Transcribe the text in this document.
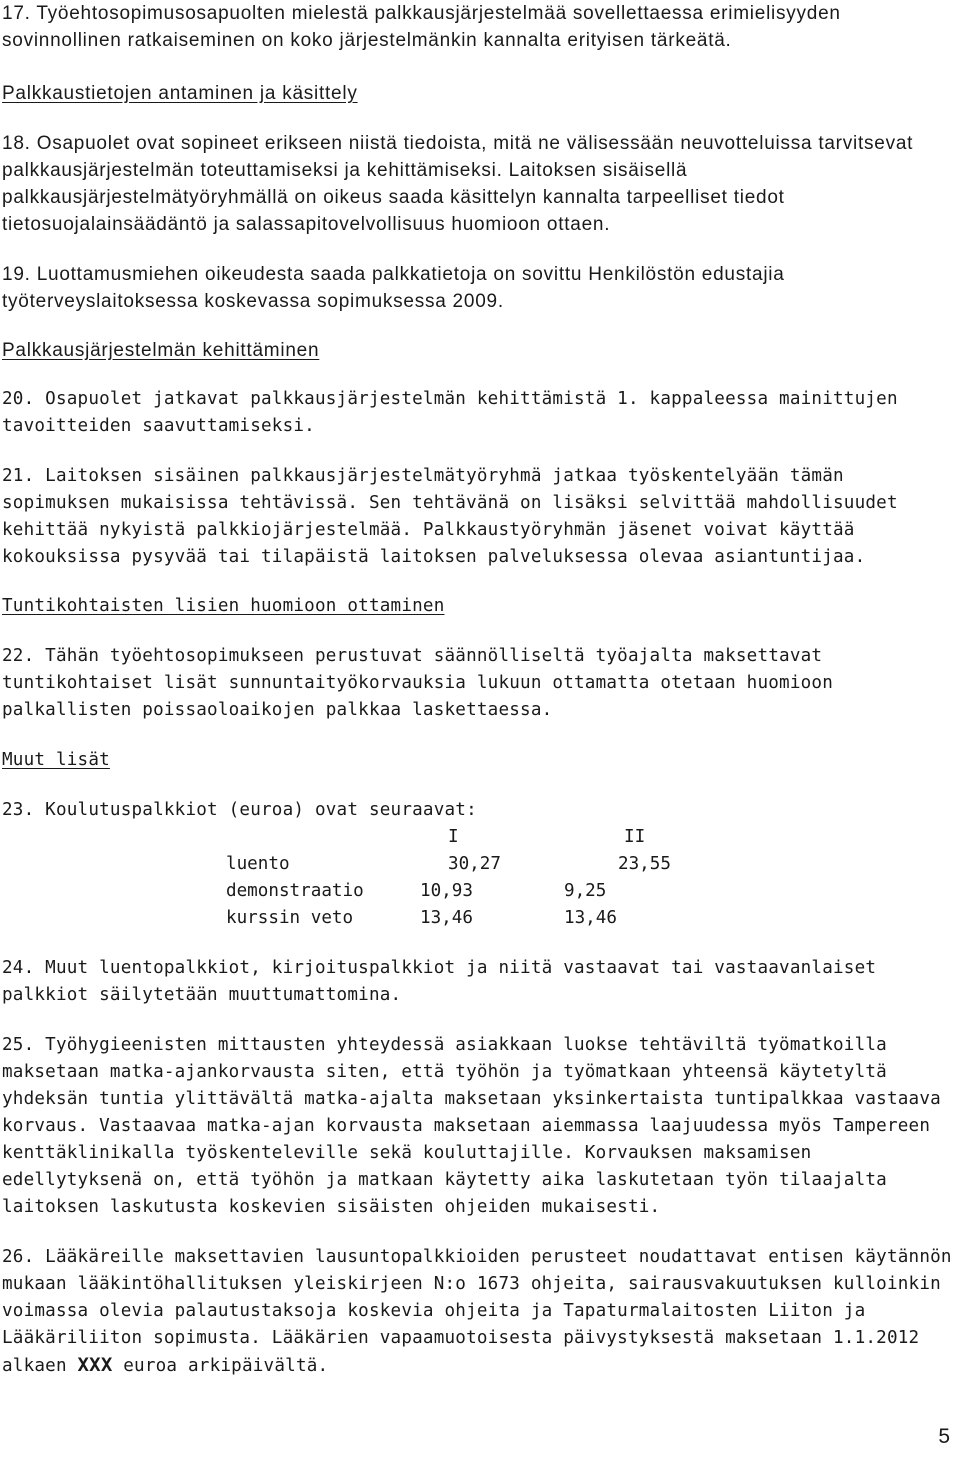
17. Työehtosopimusosapuolten mielestä palkkausjärjestelmää sovellettaessa erimielisyyden sovinnollinen ratkaiseminen on koko järjestelmänkin kannalta erityisen tärkeätä.

Palkkaustietojen antaminen ja käsittely

18. Osapuolet ovat sopineet erikseen niistä tiedoista, mitä ne välisessään neuvotteluissa tarvitsevat palkkausjärjestelmän toteuttamiseksi ja kehittämiseksi. Laitoksen sisäisellä palkkausjärjestelmätyöryhmällä on oikeus saada käsittelyn kannalta tarpeelliset tiedot tietosuojalainsäädäntö ja salassapitovelvollisuus huomioon ottaen.

19. Luottamusmiehen oikeudesta saada palkkatietoja on sovittu Henkilöstön edustajia työterveyslaitoksessa koskevassa sopimuksessa 2009.

Palkkausjärjestelmän kehittäminen

20. Osapuolet jatkavat palkkausjärjestelmän kehittämistä 1. kappaleessa mainittujen tavoitteiden saavuttamiseksi.

21. Laitoksen sisäinen palkkausjärjestelmätyöryhmä jatkaa työskentelyään tämän sopimuksen mukaisissa tehtävissä. Sen tehtävänä on lisäksi selvittää mahdollisuudet kehittää nykyistä palkkiojärjestelmää. Palkkaustyöryhmän jäsenet voivat käyttää kokouksissa pysyvää tai tilapäistä laitoksen palveluksessa olevaa asiantuntijaa.

Tuntikohtaisten lisien huomioon ottaminen

22. Tähän työehtosopimukseen perustuvat säännölliseltä työajalta maksettavat tuntikohtaiset lisät sunnuntaityökorvauksia lukuun ottamatta otetaan huomioon palkallisten poissaoloaikojen palkkaa laskettaessa.

Muut lisät

23. Koulutuspalkkiot (euroa) ovat seuraavat:

	I	II
luento	30,27	23,55
demonstraatio	10,93	9,25
kurssin veto	13,46	13,46

24. Muut luentopalkkiot, kirjoituspalkkiot ja niitä vastaavat tai vastaavanlaiset palkkiot säilytetään muuttumattomina.

25. Työhygieenisten mittausten yhteydessä asiakkaan luokse tehtäviltä työmatkoilla maksetaan matka-ajankorvausta siten, että työhön ja työmatkaan yhteensä käytetyltä yhdeksän tuntia ylittävältä matka-ajalta maksetaan yksinkertaista tuntipalkkaa vastaava korvaus. Vastaavaa matka-ajan korvausta maksetaan aiemmassa laajuudessa myös Tampereen kenttäklinikalla työskenteleville sekä kouluttajille. Korvauksen maksamisen edellytyksenä on, että työhön ja matkaan käytetty aika laskutetaan työn tilaajalta laitoksen laskutusta koskevien sisäisten ohjeiden mukaisesti.

26. Lääkäreille maksettavien lausuntopalkkioiden perusteet noudattavat entisen käytännön mukaan lääkintöhallituksen yleiskirjeen N:o 1673 ohjeita, sairausvakuutuksen kulloinkin voimassa olevia palautustaksoja koskevia ohjeita ja Tapaturmalaitosten Liiton ja Lääkäriliiton sopimusta. Lääkärien vapaamuotoisesta päivystyksestä maksetaan 1.1.2012 alkaen XXX euroa arkipäivältä.

5
